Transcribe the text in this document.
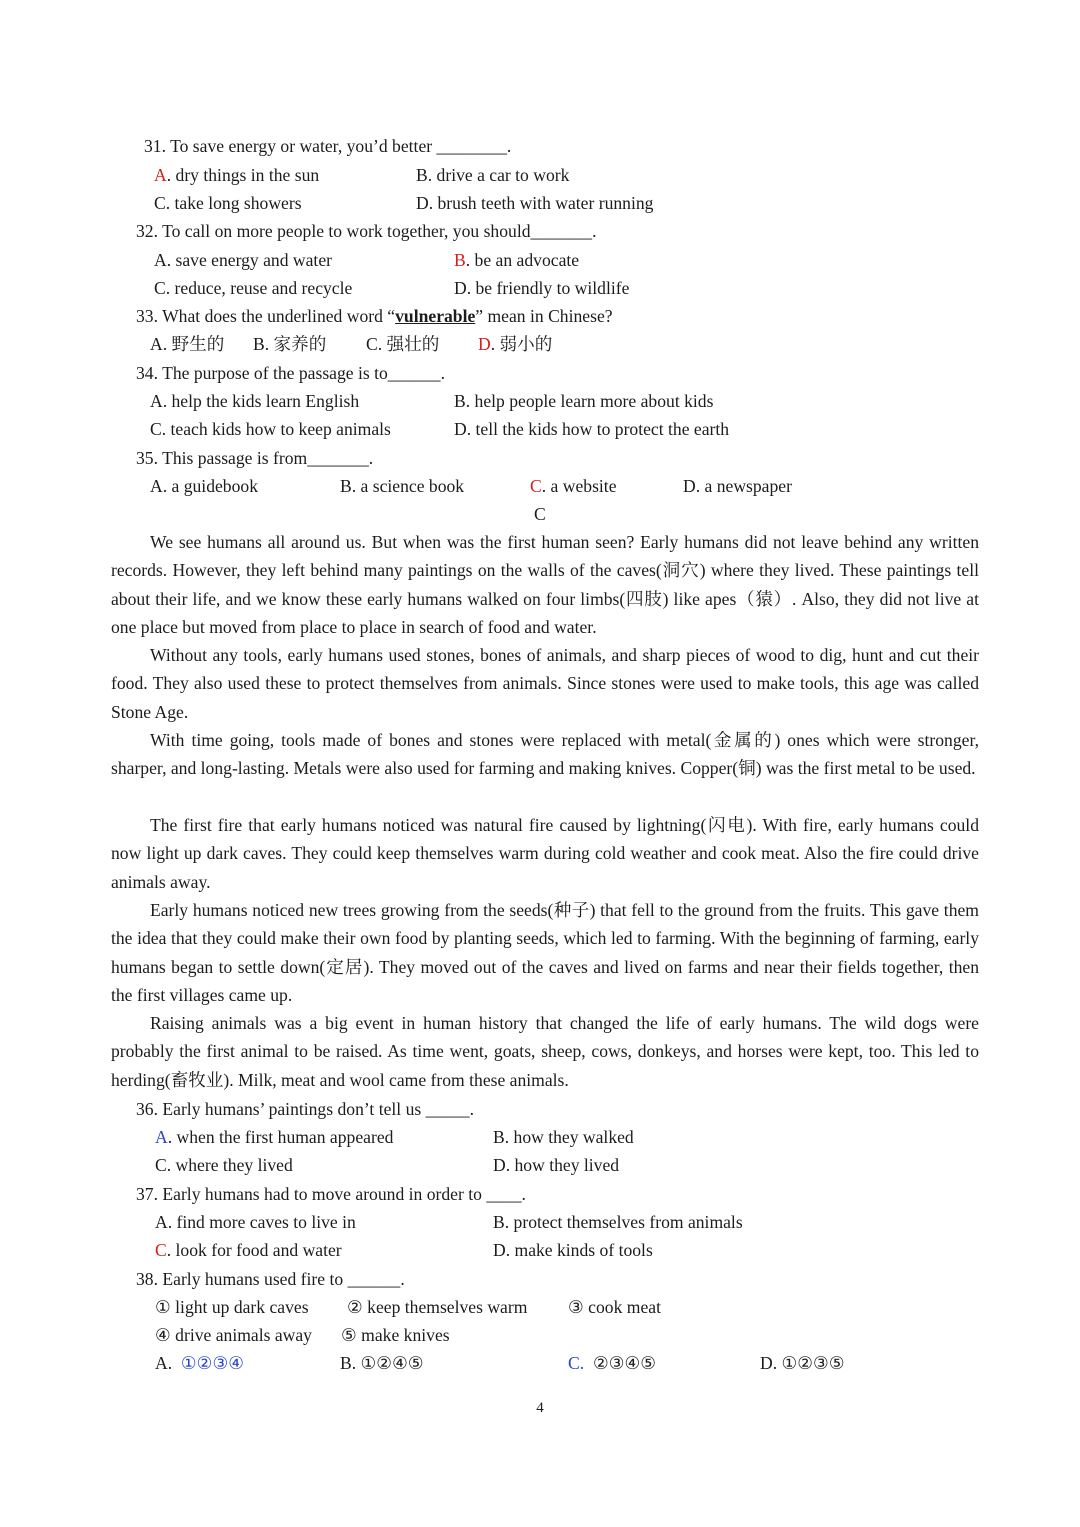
31. To save energy or water, you’d better ________.
A. dry things in the sun	B. drive a car to work
C. take long showers	D. brush teeth with water running
32. To call on more people to work together, you should_______.
A. save energy and water	B. be an advocate
C. reduce, reuse and recycle	D. be friendly to wildlife
33. What does the underlined word “vulnerable” mean in Chinese?
A. 野生的 B. 家养的 C. 强壮的 D. 弱小的
34. The purpose of the passage is to______.
A. help the kids learn English	B. help people learn more about kids
C. teach kids how to keep animals	D. tell the kids how to protect the earth
35. This passage is from_______.
A. a guidebook	B. a science book	C. a website	D. a newspaper
C
We see humans all around us. But when was the first human seen? Early humans did not leave behind any written records. However, they left behind many paintings on the walls of the caves(洞穴) where they lived. These paintings tell about their life, and we know these early humans walked on four limbs(四肢) like apes（猿）. Also, they did not live at one place but moved from place to place in search of food and water.
Without any tools, early humans used stones, bones of animals, and sharp pieces of wood to dig, hunt and cut their food. They also used these to protect themselves from animals. Since stones were used to make tools, this age was called Stone Age.
With time going, tools made of bones and stones were replaced with metal(金属的) ones which were stronger, sharper, and long-lasting. Metals were also used for farming and making knives. Copper(铜) was the first metal to be used.
The first fire that early humans noticed was natural fire caused by lightning(闪电). With fire, early humans could now light up dark caves. They could keep themselves warm during cold weather and cook meat. Also the fire could drive animals away.
Early humans noticed new trees growing from the seeds(种子) that fell to the ground from the fruits. This gave them the idea that they could make their own food by planting seeds, which led to farming. With the beginning of farming, early humans began to settle down(定居). They moved out of the caves and lived on farms and near their fields together, then the first villages came up.
Raising animals was a big event in human history that changed the life of early humans. The wild dogs were probably the first animal to be raised. As time went, goats, sheep, cows, donkeys, and horses were kept, too. This led to herding(畜牧业). Milk, meat and wool came from these animals.
36. Early humans’ paintings don’t tell us _____.
A. when the first human appeared	B. how they walked
C. where they lived	D. how they lived
37. Early humans had to move around in order to ____.
A. find more caves to live in	B. protect themselves from animals
C. look for food and water	D. make kinds of tools
38. Early humans used fire to ______.
① light up dark caves ② keep themselves warm ③ cook meat
④ drive animals away ⑤ make knives
A. ①②③④	B. ①②④⑤	C. ②③④⑤	D. ①②③⑤
4
